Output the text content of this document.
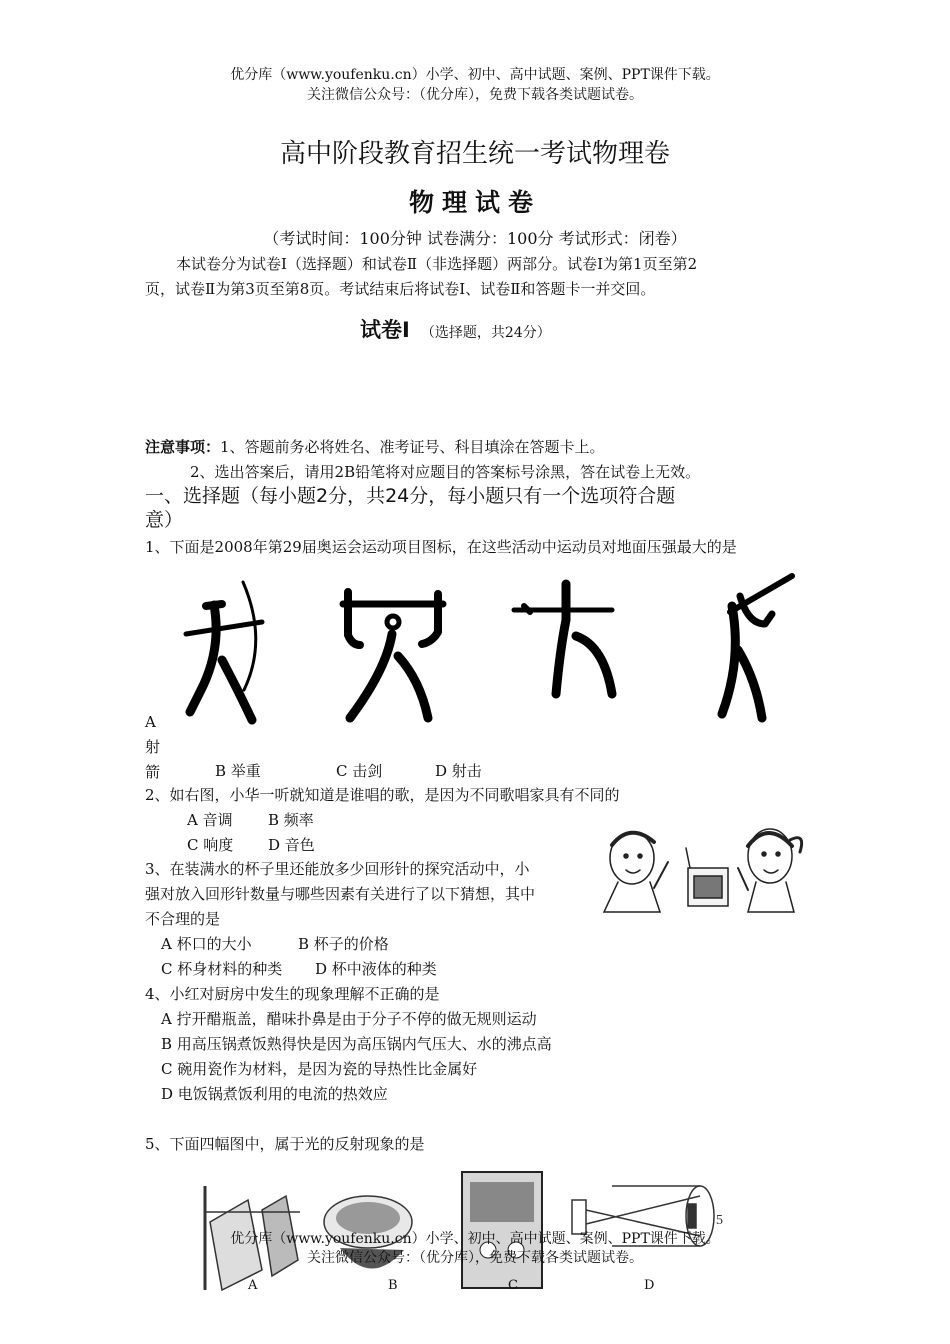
优分库（www.youfenku.cn）小学、初中、高中试题、案例、PPT课件下载。
关注微信公众号：（优分库），免费下载各类试题试卷。
高中阶段教育招生统一考试物理卷
物理试卷
（考试时间：100分钟 试卷满分：100分 考试形式：闭卷）
本试卷分为试卷Ⅰ（选择题）和试卷Ⅱ（非选择题）两部分。试卷Ⅰ为第1页至第2
页，试卷Ⅱ为第3页至第8页。考试结束后将试卷Ⅰ、试卷Ⅱ和答题卡一并交回。
试卷Ⅰ （选择题，共24分）
注意事项：1、答题前务必将姓名、准考证号、科目填涂在答题卡上。
2、选出答案后，请用2B铅笔将对应题目的答案标号涂黑，答在试卷上无效。
一、选择题（每小题2分，共24分，每小题只有一个选项符合题
意）
1、下面是2008年第29届奥运会运动项目图标，在这些活动中运动员对地面压强最大的是
A
射
箭	B 举重	C 击剑	D 射击
2、如右图，小华一听就知道是谁唱的歌，是因为不同歌唱家具有不同的
A 音调 B 频率
C 响度 D 音色
3、在装满水的杯子里还能放多少回形针的探究活动中，小
强对放入回形针数量与哪些因素有关进行了以下猜想，其中
不合理的是
A 杯口的大小	B 杯子的价格
C 杯身材料的种类 D 杯中液体的种类
4、小红对厨房中发生的现象理解不正确的是
A 拧开醋瓶盖，醋味扑鼻是由于分子不停的做无规则运动
B 用高压锅煮饭熟得快是因为高压锅内气压大、水的沸点高
C 碗用瓷作为材料，是因为瓷的导热性比金属好
D 电饭锅煮饭利用的电流的热效应
5、下面四幅图中，属于光的反射现象的是
5
A	B	C	D
优分库（www.youfenku.cn）小学、初中、高中试题、案例、PPT课件下载。
关注微信公众号：（优分库），免费下载各类试题试卷。
